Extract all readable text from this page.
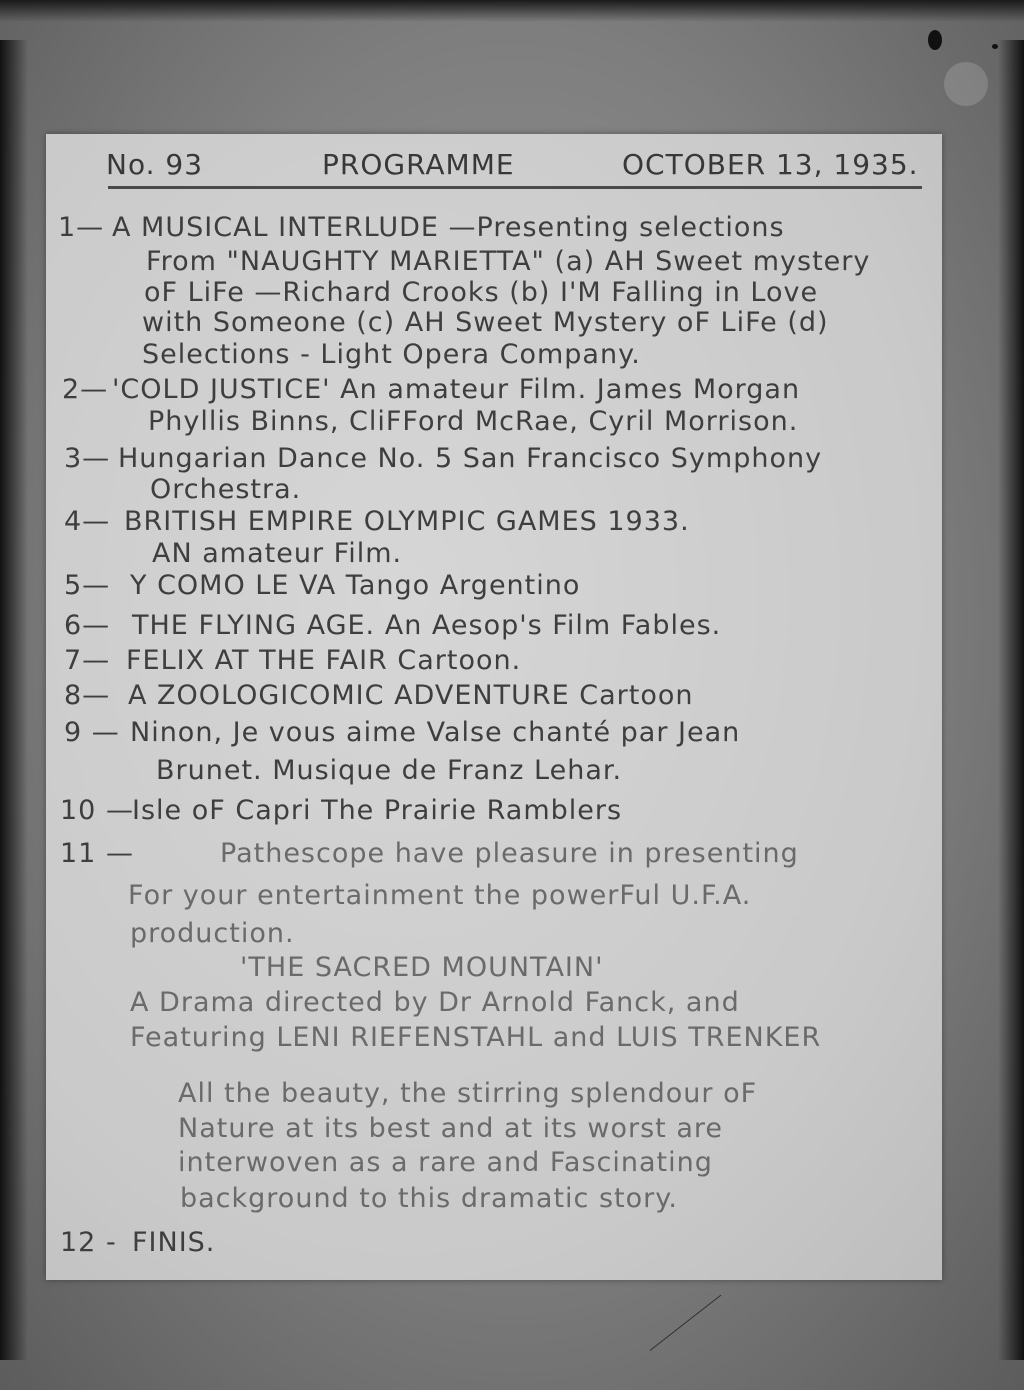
No. 93	PROGRAMME	OCTOBER 13, 1935.
1— A MUSICAL INTERLUDE —Presenting selections
From "NAUGHTY MARIETTA" (a) AH Sweet mystery
oF LiFe —Richard Crooks (b) I'M Falling in Love
with Someone (c) AH Sweet Mystery oF LiFe (d)
Selections - Light Opera Company.
2— 'COLD JUSTICE' An amateur Film. James Morgan
Phyllis Binns, CliFFord McRae, Cyril Morrison.
3— Hungarian Dance No. 5 San Francisco Symphony
Orchestra.
4— BRITISH EMPIRE OLYMPIC GAMES 1933.
AN amateur Film.
5— Y COMO LE VA Tango Argentino
6— THE FLYING AGE. An Aesop's Film Fables.
7— FELIX AT THE FAIR Cartoon.
8— A ZOOLOGICOMIC ADVENTURE Cartoon
9 — Ninon, Je vous aime Valse chanté par Jean
Brunet. Musique de Franz Lehar.
10 —
Isle oF Capri The Prairie Ramblers
11 —	Pathescope have pleasure in presenting
For your entertainment the powerFul U.F.A.
production.
'THE SACRED MOUNTAIN'
A Drama directed by Dr Arnold Fanck, and
Featuring LENI RIEFENSTAHL and LUIS TRENKER
All the beauty, the stirring splendour oF
Nature at its best and at its worst are
interwoven as a rare and Fascinating
background to this dramatic story.
12 - FINIS.
